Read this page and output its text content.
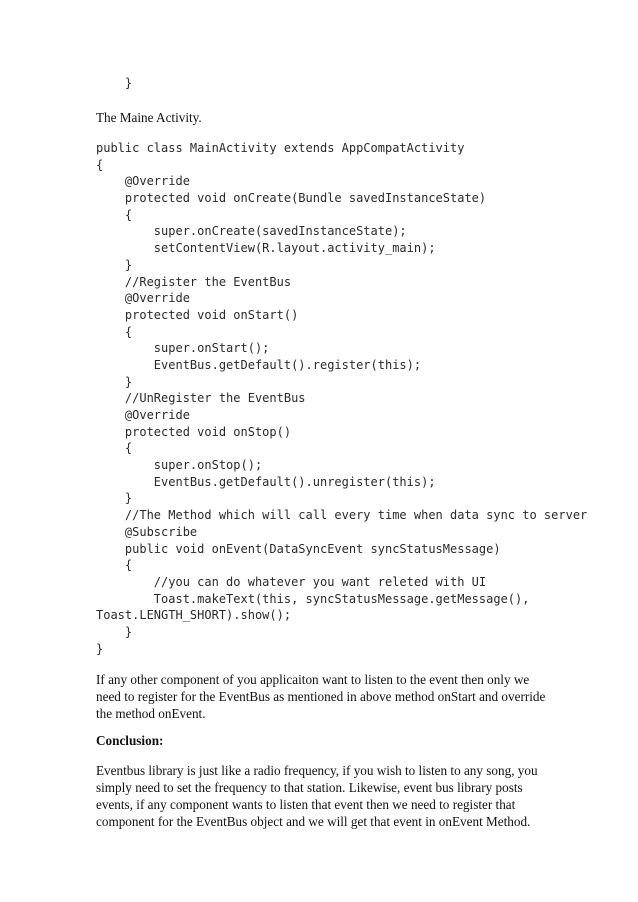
}

The Maine Activity.

public class MainActivity extends AppCompatActivity
{
@Override
protected void onCreate(Bundle savedInstanceState)
{
super.onCreate(savedInstanceState);
setContentView(R.layout.activity_main);
}
//Register the EventBus
@Override
protected void onStart()
{
super.onStart();
EventBus.getDefault().register(this);
}
//UnRegister the EventBus
@Override
protected void onStop()
{
super.onStop();
EventBus.getDefault().unregister(this);
}
//The Method which will call every time when data sync to server
@Subscribe
public void onEvent(DataSyncEvent syncStatusMessage)
{
//you can do whatever you want releted with UI
Toast.makeText(this, syncStatusMessage.getMessage(),
Toast.LENGTH_SHORT).show();
}
}

If any other component of you applicaiton want to listen to the event then only we need to register for the EventBus as mentioned in above method onStart and override the method onEvent.

Conclusion:

Eventbus library is just like a radio frequency, if you wish to listen to any song, you simply need to set the frequency to that station. Likewise, event bus library posts events, if any component wants to listen that event then we need to register that component for the EventBus object and we will get that event in onEvent Method.
